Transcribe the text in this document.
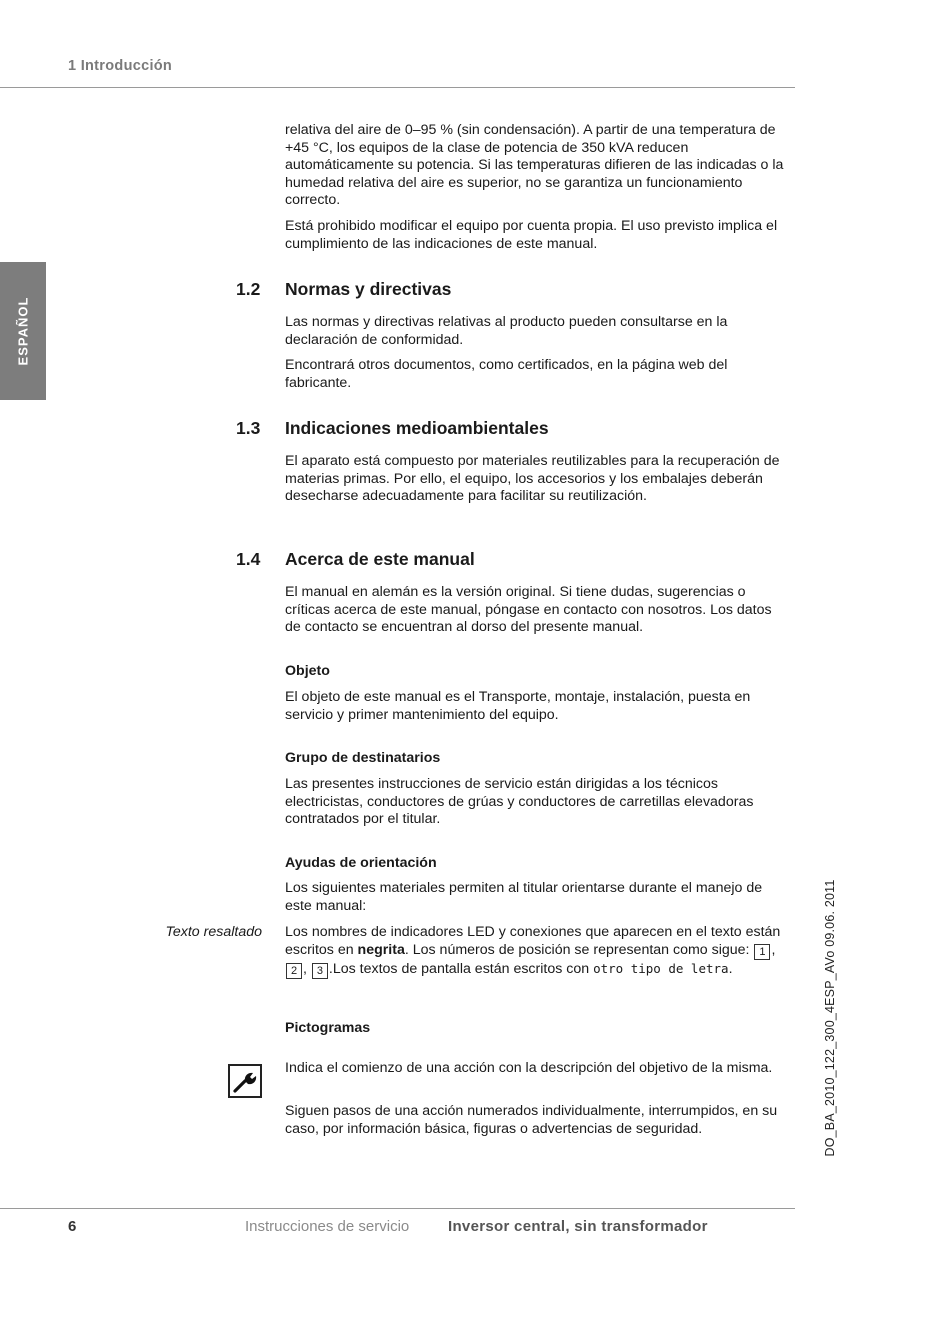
1 Introducción
ESPAÑOL

relativa del aire de 0–95 % (sin condensación). A partir de una temperatura de +45 °C, los equipos de la clase de potencia de 350 kVA reducen automáticamente su potencia. Si las temperaturas difieren de las indicadas o la humedad relativa del aire es superior, no se garantiza un funcionamiento correcto.

Está prohibido modificar el equipo por cuenta propia. El uso previsto implica el cumplimiento de las indicaciones de este manual.

1.2 Normas y directivas

Las normas y directivas relativas al producto pueden consultarse en la declaración de conformidad.

Encontrará otros documentos, como certificados, en la página web del fabricante.

1.3 Indicaciones medioambientales

El aparato está compuesto por materiales reutilizables para la recuperación de materias primas. Por ello, el equipo, los accesorios y los embalajes deberán desecharse adecuadamente para facilitar su reutilización.

1.4 Acerca de este manual

El manual en alemán es la versión original. Si tiene dudas, sugerencias o críticas acerca de este manual, póngase en contacto con nosotros. Los datos de contacto se encuentran al dorso del presente manual.

Objeto

El objeto de este manual es el Transporte, montaje, instalación, puesta en servicio y primer mantenimiento del equipo.

Grupo de destinatarios

Las presentes instrucciones de servicio están dirigidas a los técnicos electricistas, conductores de grúas y conductores de carretillas elevadoras contratados por el titular.

Ayudas de orientación

Los siguientes materiales permiten al titular orientarse durante el manejo de este manual:

Texto resaltado Los nombres de indicadores LED y conexiones que aparecen en el texto están escritos en negrita. Los números de posición se representan como sigue: 1 , 2 , 3 .Los textos de pantalla están escritos con otro tipo de letra.

Pictogramas

Indica el comienzo de una acción con la descripción del objetivo de la misma.

Siguen pasos de una acción numerados individualmente, interrumpidos, en su caso, por información básica, figuras o advertencias de seguridad.	DO_BA_2010_122_300_4ESP_AVo 09.06. 2011
6	Instrucciones de servicio	Inversor central, sin transformador
